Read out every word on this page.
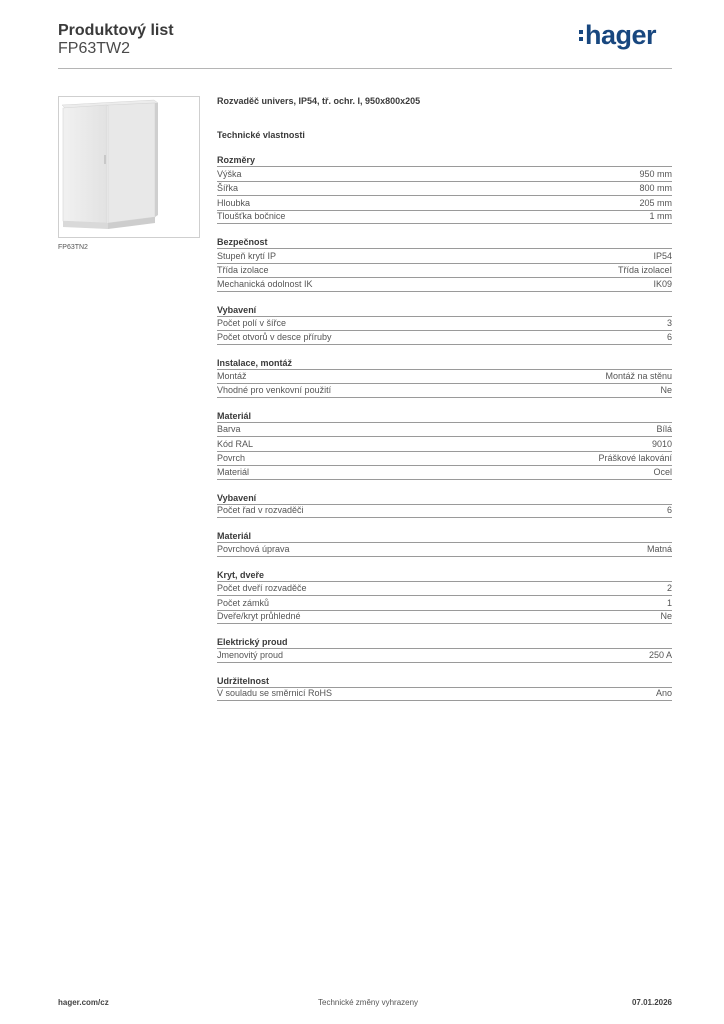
Produktový list
FP63TW2	hager
FP63TN2
Rozvaděč univers, IP54, tř. ochr. I, 950x800x205
Technické vlastnosti
Rozměry
Výška	950 mm
Šířka	800 mm
Hloubka	205 mm
Tloušťka bočnice	1 mm
Bezpečnost
Stupeň krytí IP	IP54
Třída izolace	Třída izolaceI
Mechanická odolnost IK	IK09
Vybavení
Počet polí v šířce	3
Počet otvorů v desce příruby	6
Instalace, montáž
Montáž	Montáž na stěnu
Vhodné pro venkovní použití	Ne
Materiál
Barva	Bílá
Kód RAL	9010
Povrch	Práškové lakování
Materiál	Ocel
Vybavení
Počet řad v rozvaděči	6
Materiál
Povrchová úprava	Matná
Kryt, dveře
Počet dveří rozvaděče	2
Počet zámků	1
Dveře/kryt průhledné	Ne
Elektrický proud
Jmenovitý proud	250 A
Udržitelnost
V souladu se směrnicí RoHS	Ano
hager.com/cz	Technické změny vyhrazeny	07.01.2026
